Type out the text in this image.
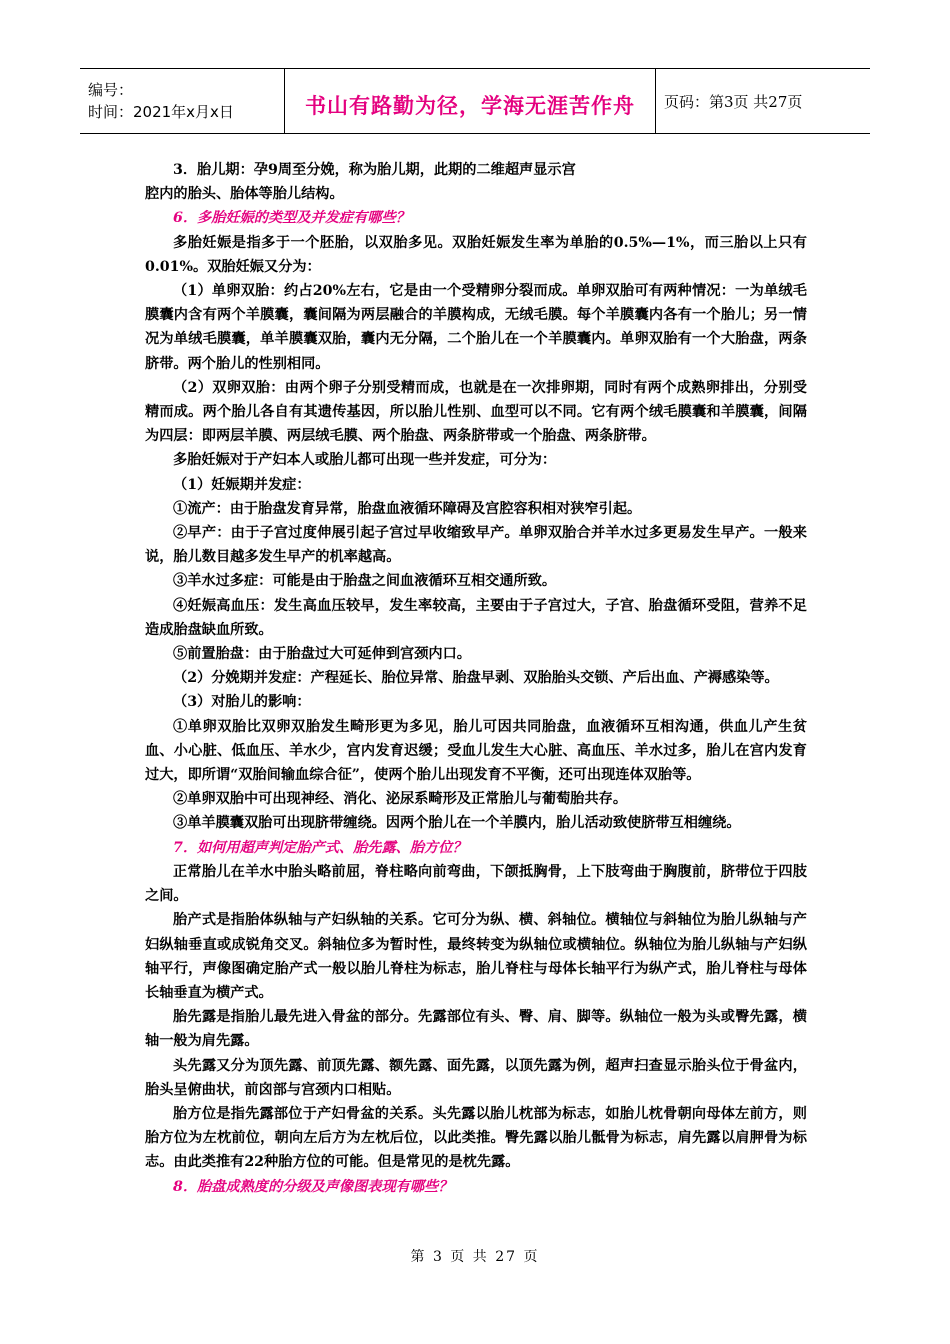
编号：
时间：2021年x月x日	书山有路勤为径，学海无涯苦作舟 页码：第3页 共27页

3．胎儿期：孕9周至分娩，称为胎儿期，此期的二维超声显示宫

腔内的胎头、胎体等胎儿结构。

6．多胎妊娠的类型及并发症有哪些？

多胎妊娠是指多于一个胚胎，以双胎多见。双胎妊娠发生率为单胎的0.5%—1%，而三胎以上只有0.01%。双胎妊娠又分为：

（1）单卵双胎：约占20%左右，它是由一个受精卵分裂而成。单卵双胎可有两种情况：一为单绒毛膜囊内含有两个羊膜囊，囊间隔为两层融合的羊膜构成，无绒毛膜。每个羊膜囊内各有一个胎儿；另一情况为单绒毛膜囊，单羊膜囊双胎，囊内无分隔，二个胎儿在一个羊膜囊内。单卵双胎有一个大胎盘，两条脐带。两个胎儿的性别相同。

（2）双卵双胎：由两个卵子分别受精而成，也就是在一次排卵期，同时有两个成熟卵排出，分别受精而成。两个胎儿各自有其遗传基因，所以胎儿性别、血型可以不同。它有两个绒毛膜囊和羊膜囊，间隔为四层：即两层羊膜、两层绒毛膜、两个胎盘、两条脐带或一个胎盘、两条脐带。

多胎妊娠对于产妇本人或胎儿都可出现一些并发症，可分为：

（1）妊娠期并发症：

①流产：由于胎盘发育异常，胎盘血液循环障碍及宫腔容积相对狭窄引起。

②早产：由于子宫过度伸展引起子宫过早收缩致早产。单卵双胎合并羊水过多更易发生早产。一般来说，胎儿数目越多发生早产的机率越高。

③羊水过多症：可能是由于胎盘之间血液循环互相交通所致。

④妊娠高血压：发生高血压较早，发生率较高，主要由于子宫过大，子宫、胎盘循环受阻，营养不足造成胎盘缺血所致。

⑤前置胎盘：由于胎盘过大可延伸到宫颈内口。

（2）分娩期并发症：产程延长、胎位异常、胎盘早剥、双胎胎头交锁、产后出血、产褥感染等。

（3）对胎儿的影响：

①单卵双胎比双卵双胎发生畸形更为多见，胎儿可因共同胎盘，血液循环互相沟通，供血儿产生贫血、小心脏、低血压、羊水少，宫内发育迟缓；受血儿发生大心脏、高血压、羊水过多，胎儿在宫内发育过大，即所谓“双胎间输血综合征”，使两个胎儿出现发育不平衡，还可出现连体双胎等。

②单卵双胎中可出现神经、消化、泌尿系畸形及正常胎儿与葡萄胎共存。

③单羊膜囊双胎可出现脐带缠绕。因两个胎儿在一个羊膜内，胎儿活动致使脐带互相缠绕。

7．如何用超声判定胎产式、胎先露、胎方位？

正常胎儿在羊水中胎头略前屈，脊柱略向前弯曲，下颌抵胸骨，上下肢弯曲于胸腹前，脐带位于四肢之间。

胎产式是指胎体纵轴与产妇纵轴的关系。它可分为纵、横、斜轴位。横轴位与斜轴位为胎儿纵轴与产妇纵轴垂直或成锐角交叉。斜轴位多为暂时性，最终转变为纵轴位或横轴位。纵轴位为胎儿纵轴与产妇纵轴平行，声像图确定胎产式一般以胎儿脊柱为标志，胎儿脊柱与母体长轴平行为纵产式，胎儿脊柱与母体长轴垂直为横产式。

胎先露是指胎儿最先进入骨盆的部分。先露部位有头、臀、肩、脚等。纵轴位一般为头或臀先露，横轴一般为肩先露。

头先露又分为顶先露、前顶先露、额先露、面先露，以顶先露为例，超声扫查显示胎头位于骨盆内，胎头呈俯曲状，前囟部与宫颈内口相贴。

胎方位是指先露部位于产妇骨盆的关系。头先露以胎儿枕部为标志，如胎儿枕骨朝向母体左前方，则胎方位为左枕前位，朝向左后方为左枕后位，以此类推。臀先露以胎儿骶骨为标志，肩先露以肩胛骨为标志。由此类推有22种胎方位的可能。但是常见的是枕先露。

8．胎盘成熟度的分级及声像图表现有哪些？

第 3 页 共 27 页
